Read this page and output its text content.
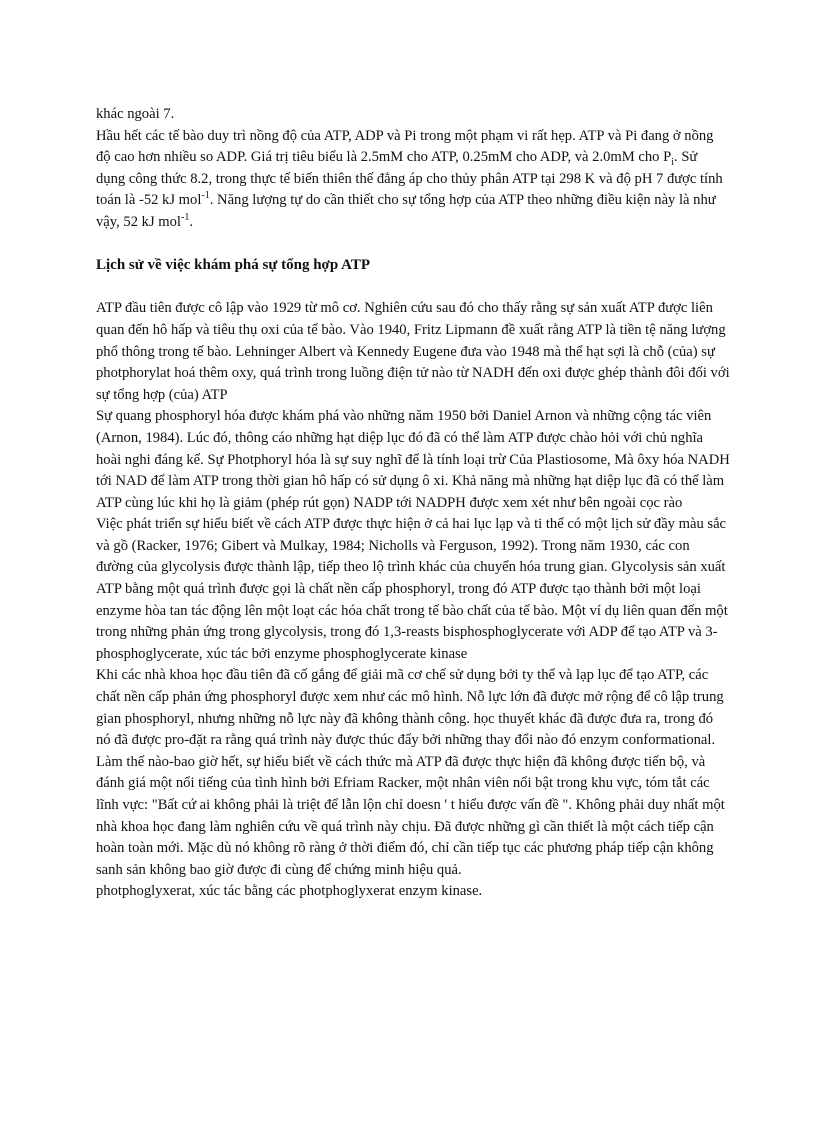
khác ngoài 7.

Hầu hết các tế bào duy trì nồng độ của ATP, ADP và Pi trong một phạm vi rất hẹp. ATP và Pi đang ở nồng độ cao hơn nhiều so ADP. Giá trị tiêu biểu là 2.5mM cho ATP, 0.25mM cho ADP, và 2.0mM cho $P_i$. Sử dụng công thức 8.2, trong thực tế biến thiên thế đẳng áp cho thủy phân ATP tại 298 K và độ pH 7 được tính toán là -52 kJ mol$^{-1}$. Năng lượng tự do cần thiết cho sự tổng hợp của ATP theo những điều kiện này là như vậy, 52 kJ mol$^{-1}$.

Lịch sử về việc khám phá sự tổng hợp ATP

ATP đầu tiên được cô lập vào 1929 từ mô cơ. Nghiên cứu sau đó cho thấy rằng sự sản xuất ATP được liên quan đến hô hấp và tiêu thụ oxi của tế bào. Vào 1940, Fritz Lipmann đề xuất rằng ATP là tiền tệ năng lượng phổ thông trong tế bào. Lehninger Albert và Kennedy Eugene đưa vào 1948 mà thể hạt sợi là chỗ (của) sự photphorylat hoá thêm oxy, quá trình trong luồng điện tử nào từ NADH đến oxi được ghép thành đôi đối với sự tổng hợp (của) ATP

Sự quang phosphoryl hóa được khám phá vào những năm 1950 bởi Daniel Arnon và những cộng tác viên (Arnon, 1984). Lúc đó, thông cáo những hạt diệp lục đó đã có thể làm ATP được chào hỏi với chủ nghĩa hoài nghi đáng kể. Sự Photphoryl hóa là sự suy nghĩ để là tính loại trừ Của Plastiosome, Mà ôxy hóa NADH tới NAD để làm ATP trong thời gian hô hấp có sử dụng ô xi. Khả năng mà những hạt diệp lục đã có thể làm ATP cùng lúc khi họ là giảm (phép rút gọn) NADP tới NADPH được xem xét như bên ngoài cọc rào

Việc phát triển sự hiểu biết về cách ATP được thực hiện ở cả hai lục lạp và ti thể có một lịch sử đầy màu sắc và gồ (Racker, 1976; Gibert và Mulkay, 1984; Nicholls và Ferguson, 1992). Trong năm 1930, các con đường của glycolysis được thành lập, tiếp theo lộ trình khác của chuyển hóa trung gian. Glycolysis sản xuất ATP bằng một quá trình được gọi là chất nền cấp phosphoryl, trong đó ATP được tạo thành bởi một loại enzyme hòa tan tác động lên một loạt các hóa chất trong tế bào chất của tế bào. Một ví dụ liên quan đến một trong những phản ứng trong glycolysis, trong đó 1,3-reasts bisphosphoglycerate với ADP để tạo ATP và 3- phosphoglycerate, xúc tác bởi enzyme phosphoglycerate kinase

Khi các nhà khoa học đầu tiên đã cố gắng để giải mã cơ chế sử dụng bởi ty thể và lạp lục để tạo ATP, các chất nền cấp phản ứng phosphoryl được xem như các mô hình. Nỗ lực lớn đã được mở rộng để cô lập trung gian phosphoryl, nhưng những nỗ lực này đã không thành công. học thuyết khác đã được đưa ra, trong đó nó đã được pro-đặt ra rằng quá trình này được thúc đẩy bởi những thay đổi nào đó enzym conformational. Làm thế nào-bao giờ hết, sự hiểu biết về cách thức mà ATP đã được thực hiện đã không được tiến bộ, và đánh giá một nổi tiếng của tình hình bởi Efriam Racker, một nhân viên nổi bật trong khu vực, tóm tắt các lĩnh vực: "Bất cứ ai không phải là triệt để lẫn lộn chỉ doesn ' t hiểu được vấn đề ". Không phải duy nhất một nhà khoa học đang làm nghiên cứu về quá trình này chịu. Đã được những gì cần thiết là một cách tiếp cận hoàn toàn mới. Mặc dù nó không rõ ràng ở thời điểm đó, chỉ cần tiếp tục các phương pháp tiếp cận không sanh sản không bao giờ được đi cùng để chứng minh hiệu quả.

photphoglyxerat, xúc tác bằng các photphoglyxerat enzym kinase.
